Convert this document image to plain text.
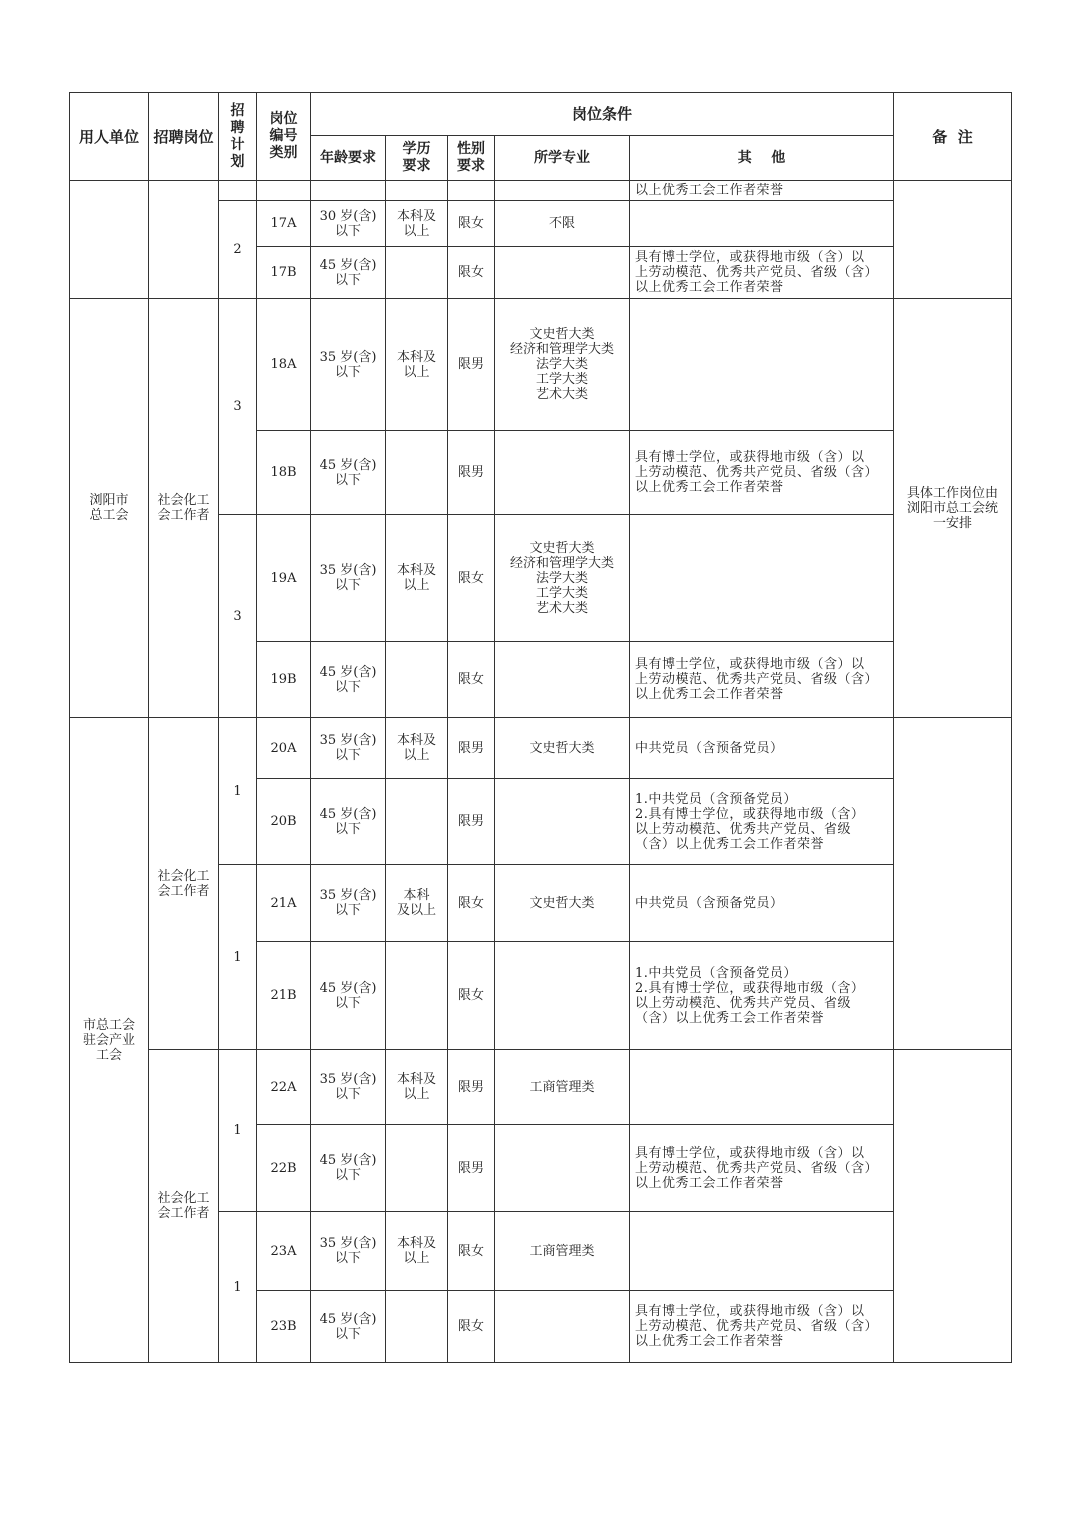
用人单位	招聘岗位	招
聘
计
划	岗位
编号
类别	岗位条件					备  注
				年龄要求	学历
要求	性别
要求	所学专业	其    他	
								以上优秀工会工作者荣誉	
		2	17A	30 岁(含)
以下	本科及
以上	限女	不限		
			17B	45 岁(含)
以下		限女		具有博士学位，或获得地市级（含）以
上劳动模范、优秀共产党员、省级（含）
以上优秀工会工作者荣誉	
浏阳市
总工会	社会化工
会工作者	3	18A	35 岁(含)
以下	本科及
以上	限男	文史哲大类
经济和管理学大类
法学大类
工学大类
艺术大类		具体工作岗位由
浏阳市总工会统
一安排
			18B	45 岁(含)
以下		限男		具有博士学位，或获得地市级（含）以
上劳动模范、优秀共产党员、省级（含）
以上优秀工会工作者荣誉	
		3	19A	35 岁(含)
以下	本科及
以上	限女	文史哲大类
经济和管理学大类
法学大类
工学大类
艺术大类		
			19B	45 岁(含)
以下		限女		具有博士学位，或获得地市级（含）以
上劳动模范、优秀共产党员、省级（含）
以上优秀工会工作者荣誉	
市总工会
驻会产业
工会	社会化工
会工作者	1	20A	35 岁(含)
以下	本科及
以上	限男	文史哲大类	中共党员（含预备党员）	
			20B	45 岁(含)
以下		限男		1.中共党员（含预备党员）
2.具有博士学位，或获得地市级（含）
以上劳动模范、优秀共产党员、省级
（含）以上优秀工会工作者荣誉	
		1	21A	35 岁(含)
以下	本科
及以上	限女	文史哲大类	中共党员（含预备党员）	
			21B	45 岁(含)
以下		限女		1.中共党员（含预备党员）
2.具有博士学位，或获得地市级（含）
以上劳动模范、优秀共产党员、省级
（含）以上优秀工会工作者荣誉	
	社会化工
会工作者	1	22A	35 岁(含)
以下	本科及
以上	限男	工商管理类		
			22B	45 岁(含)
以下		限男		具有博士学位，或获得地市级（含）以
上劳动模范、优秀共产党员、省级（含）
以上优秀工会工作者荣誉	
		1	23A	35 岁(含)
以下	本科及
以上	限女	工商管理类		
			23B	45 岁(含)
以下		限女		具有博士学位，或获得地市级（含）以
上劳动模范、优秀共产党员、省级（含）
以上优秀工会工作者荣誉	
